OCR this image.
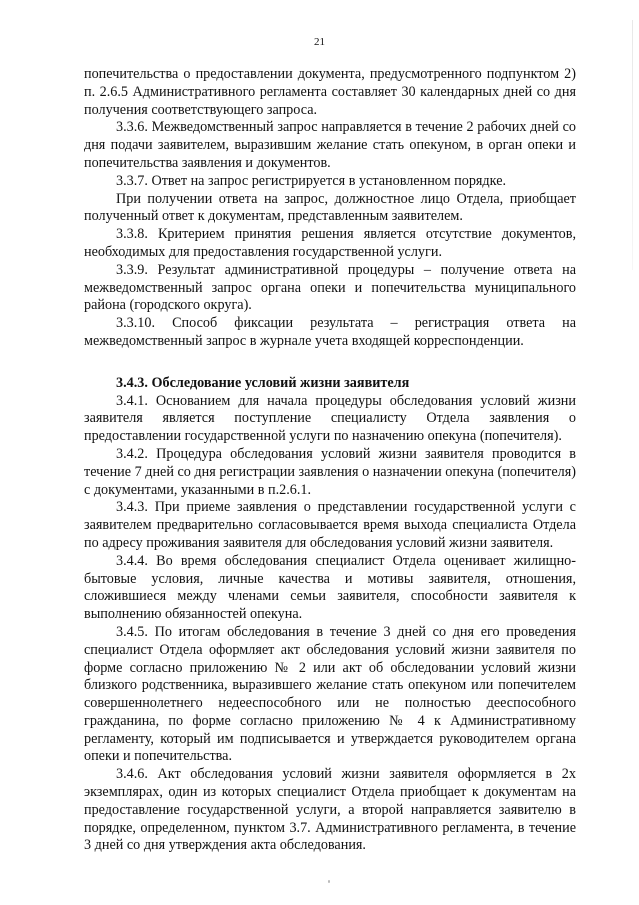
21

попечительства о предоставлении документа, предусмотренного подпунктом 2) п. 2.6.5 Административного регламента составляет 30 календарных дней со дня получения соответствующего запроса.

3.3.6. Межведомственный запрос направляется в течение 2 рабочих дней со дня подачи заявителем, выразившим желание стать опекуном, в орган опеки и попечительства заявления и документов.

3.3.7. Ответ на запрос регистрируется в установленном порядке.

При получении ответа на запрос, должностное лицо Отдела, приобщает полученный ответ к документам, представленным заявителем.

3.3.8. Критерием принятия решения является отсутствие документов, необходимых для предоставления государственной услуги.

3.3.9. Результат административной процедуры – получение ответа на межведомственный запрос органа опеки и попечительства муниципального района (городского округа).

3.3.10. Способ фиксации результата – регистрация ответа на межведомственный запрос в журнале учета входящей корреспонденции.

3.4.3. Обследование условий жизни заявителя

3.4.1. Основанием для начала процедуры обследования условий жизни заявителя является поступление специалисту Отдела заявления о предоставлении государственной услуги по назначению опекуна (попечителя).

3.4.2. Процедура обследования условий жизни заявителя проводится в течение 7 дней со дня регистрации заявления о назначении опекуна (попечителя) с документами, указанными в п.2.6.1.

3.4.3. При приеме заявления о представлении государственной услуги с заявителем предварительно согласовывается время выхода специалиста Отдела по адресу проживания заявителя для обследования условий жизни заявителя.

3.4.4. Во время обследования специалист Отдела оценивает жилищно-бытовые условия, личные качества и мотивы заявителя, отношения, сложившиеся между членами семьи заявителя, способности заявителя к выполнению обязанностей опекуна.

3.4.5. По итогам обследования в течение 3 дней со дня его проведения специалист Отдела оформляет акт обследования условий жизни заявителя по форме согласно приложению № 2 или акт об обследовании условий жизни близкого родственника, выразившего желание стать опекуном или попечителем совершеннолетнего недееспособного или не полностью дееспособного гражданина, по форме согласно приложению № 4 к Административному регламенту, который им подписывается и утверждается руководителем органа опеки и попечительства.

3.4.6. Акт обследования условий жизни заявителя оформляется в 2х экземплярах, один из которых специалист Отдела приобщает к документам на предоставление государственной услуги, а второй направляется заявителю в порядке, определенном, пунктом 3.7. Административного регламента, в течение 3 дней со дня утверждения акта обследования.
